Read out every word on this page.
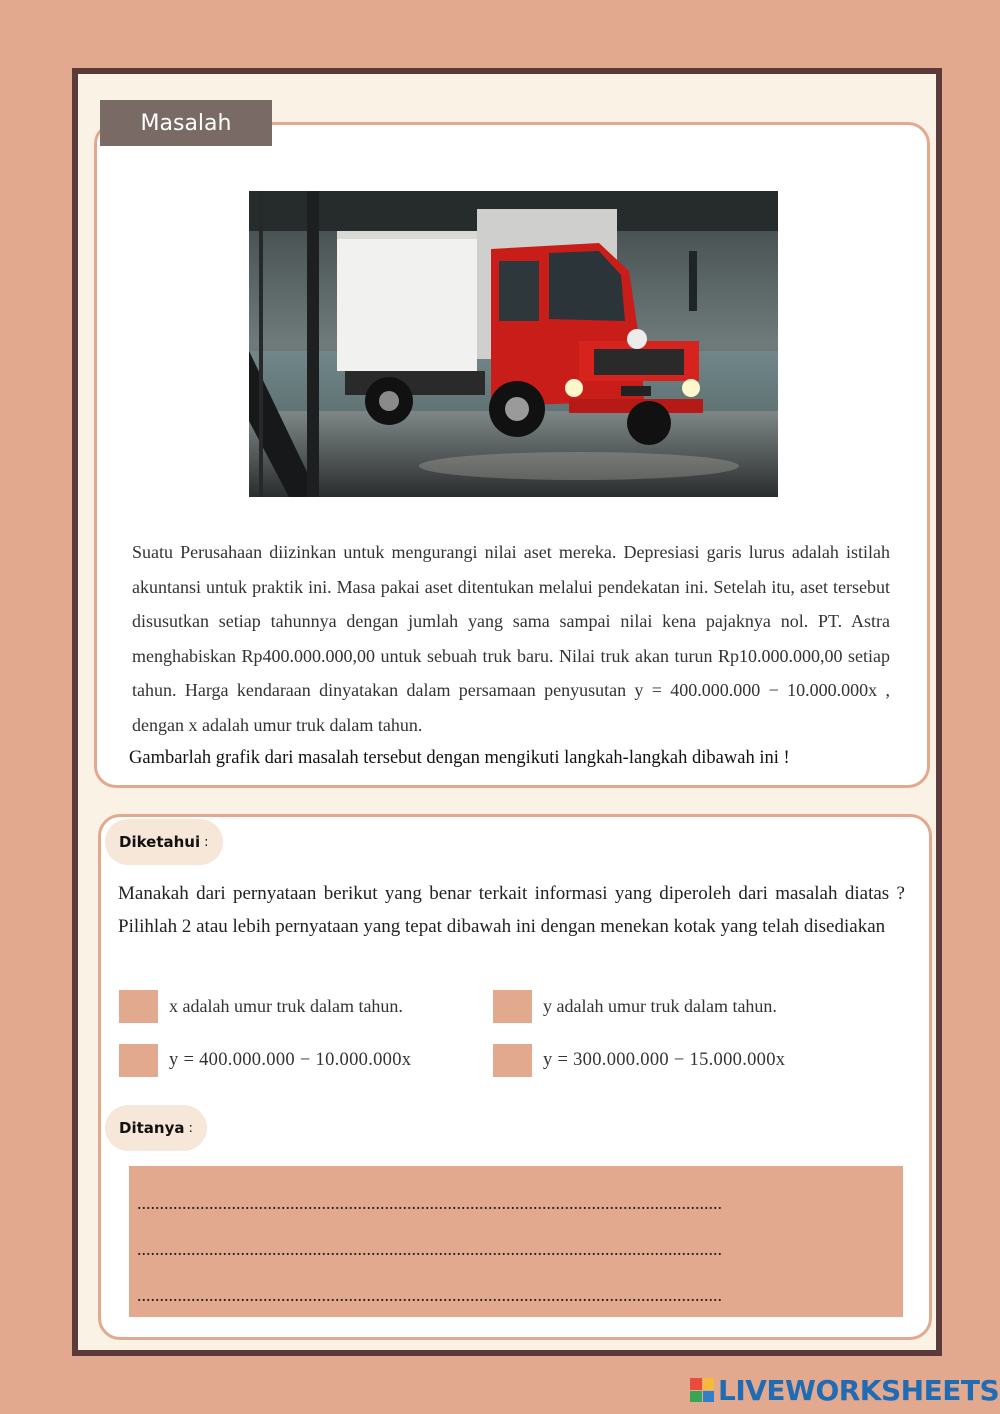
Suatu Perusahaan diizinkan untuk mengurangi nilai aset mereka. Depresiasi garis lurus adalah istilah akuntansi untuk praktik ini. Masa pakai aset ditentukan melalui pendekatan ini. Setelah itu, aset tersebut disusutkan setiap tahunnya dengan jumlah yang sama sampai nilai kena pajaknya nol. PT. Astra menghabiskan Rp400.000.000,00 untuk sebuah truk baru. Nilai truk akan turun Rp10.000.000,00 setiap tahun. Harga kendaraan dinyatakan dalam persamaan penyusutan y = 400.000.000 − 10.000.000x , dengan x adalah umur truk dalam tahun.
Gambarlah grafik dari masalah tersebut dengan mengikuti langkah-langkah dibawah ini !
Masalah
Diketahui :
Manakah dari pernyataan berikut yang benar terkait informasi yang diperoleh dari masalah diatas ? Pilihlah 2 atau lebih pernyataan yang tepat dibawah ini dengan menekan kotak yang telah disediakan
x adalah umur truk dalam tahun.	y adalah umur truk dalam tahun.
y = 400.000.000 − 10.000.000x	y = 300.000.000 − 15.000.000x
Ditanya :
..................................................................................................................................
..................................................................................................................................
..................................................................................................................................
LIVEWORKSHEETS
